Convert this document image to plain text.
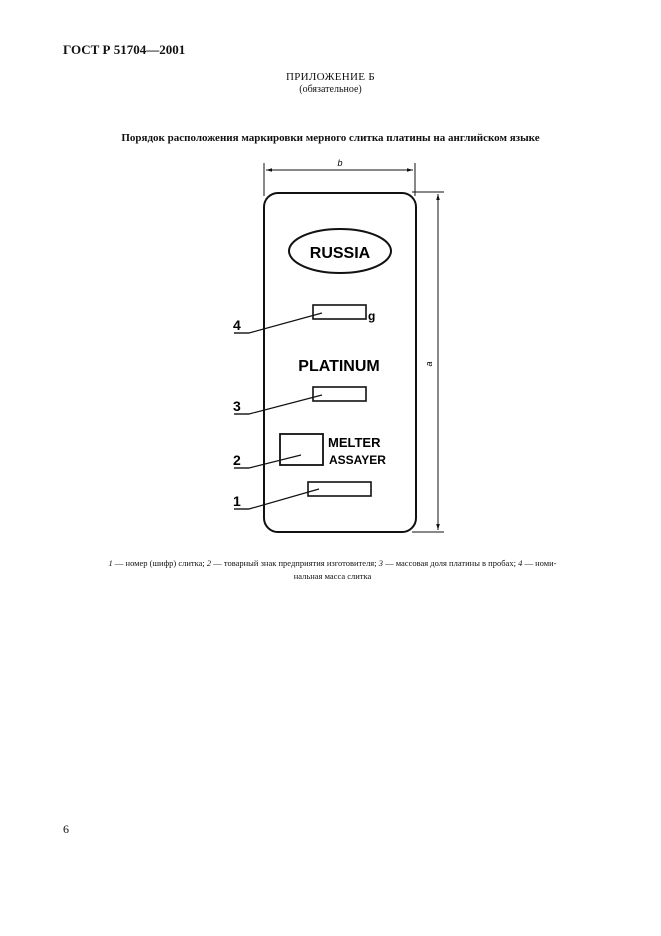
ГОСТ Р 51704—2001
ПРИЛОЖЕНИЕ Б
(обязательное)
Порядок расположения маркировки мерного слитка платины на английском языке
b
a
RUSSIA
g
PLATINUM
MELTER
ASSAYER
4
3
2
1
1 — номер (шифр) слитка; 2 — товарный знак предприятия изготовителя; 3 — массовая доля платины в пробах; 4 — номи-
нальная масса слитка
6
